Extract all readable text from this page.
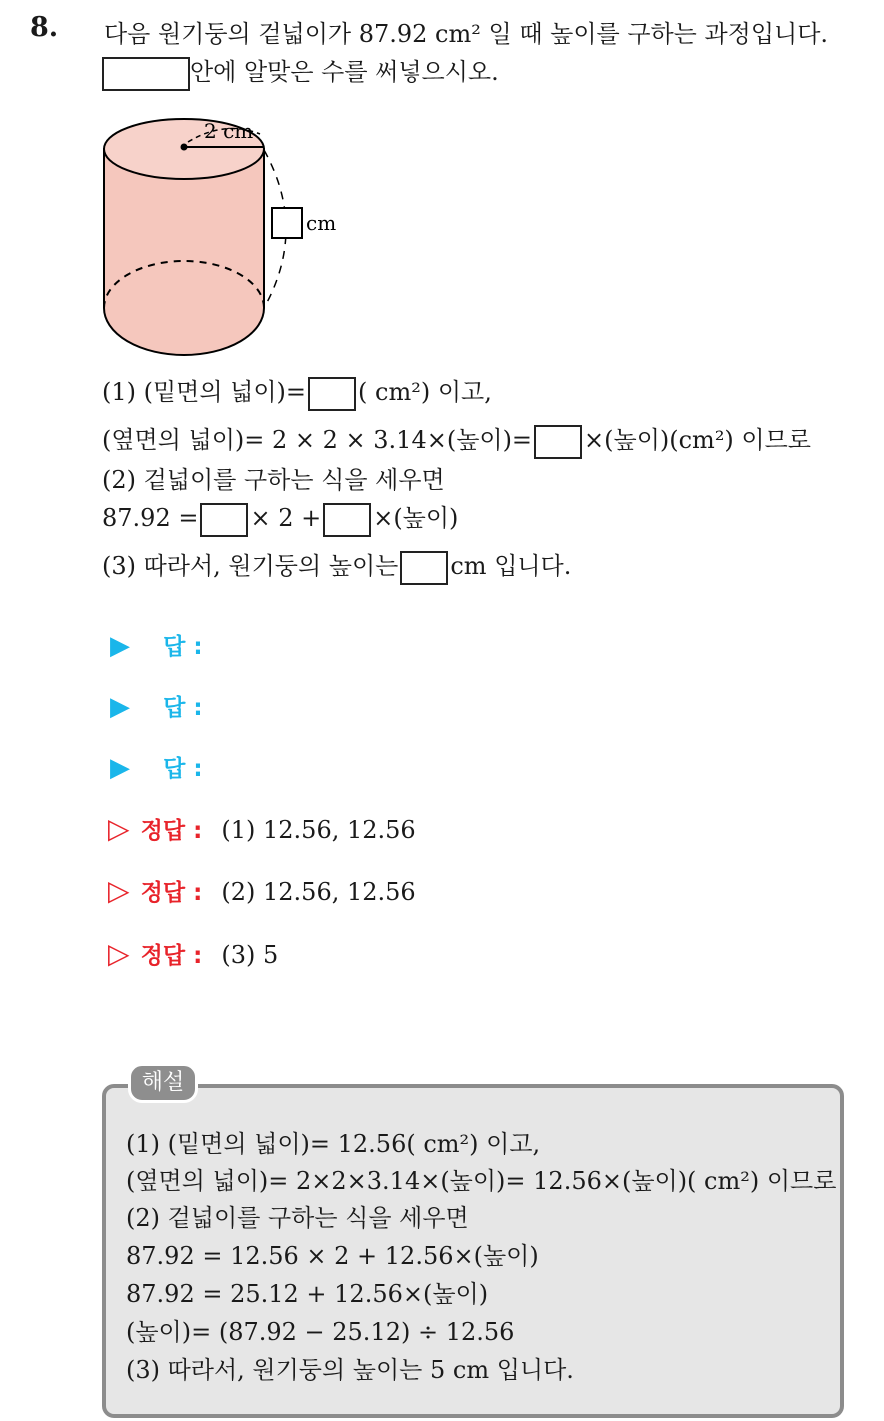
8. 다음 원기둥의 겉넓이가 87.92 cm² 일 때 높이를 구하는 과정입니다.
안에 알맞은 수를 써넣으시오.
2 cm
cm
(1) (밑면의 넓이)= ( cm²) 이고,
(옆면의 넓이)= 2 × 2 × 3.14×(높이)= ×(높이)(cm²) 이므로
(2) 겉넓이를 구하는 식을 세우면
87.92 = × 2 + ×(높이)
(3) 따라서, 원기둥의 높이는 cm 입니다.
▶ 답 :
▶ 답 :
▶ 답 :
▷ 정답 : (1) 12.56, 12.56
▷ 정답 : (2) 12.56, 12.56
▷ 정답 : (3) 5
해설
(1) (밑면의 넓이)= 12.56( cm²) 이고,
(옆면의 넓이)= 2×2×3.14×(높이)= 12.56×(높이)( cm²) 이므로
(2) 겉넓이를 구하는 식을 세우면
87.92 = 12.56 × 2 + 12.56×(높이)
87.92 = 25.12 + 12.56×(높이)
(높이)= (87.92 − 25.12) ÷ 12.56
(3) 따라서, 원기둥의 높이는 5 cm 입니다.
